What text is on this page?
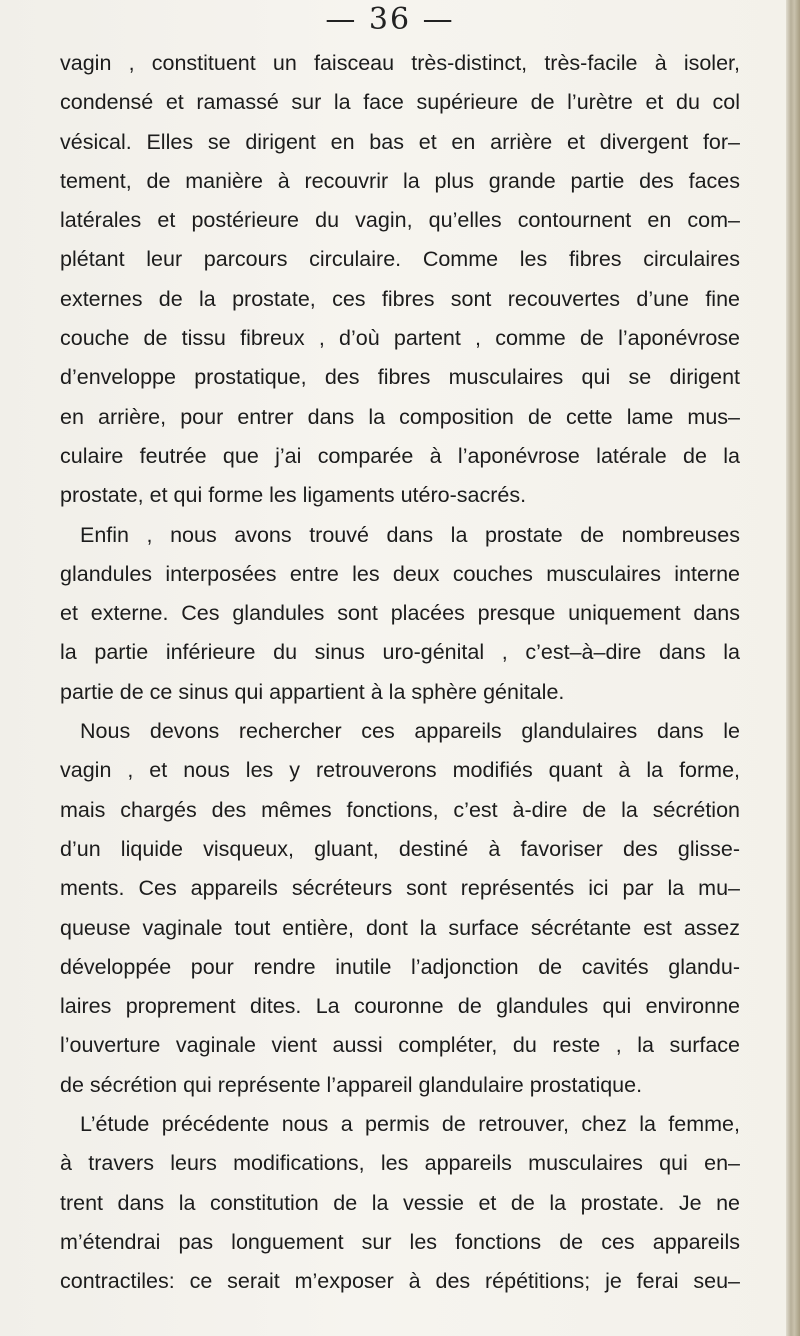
— 36 —
vagin , constituent un faisceau très-distinct, très-facile à isoler,
condensé et ramassé sur la face supérieure de l’urètre et du col
vésical. Elles se dirigent en bas et en arrière et divergent for–
tement, de manière à recouvrir la plus grande partie des faces
latérales et postérieure du vagin, qu’elles contournent en com–
plétant leur parcours circulaire. Comme les fibres circulaires
externes de la prostate, ces fibres sont recouvertes d’une fine
couche de tissu fibreux , d’où partent , comme de l’aponévrose
d’enveloppe prostatique, des fibres musculaires qui se dirigent
en arrière, pour entrer dans la composition de cette lame mus–
culaire feutrée que j’ai comparée à l’aponévrose latérale de la
prostate, et qui forme les ligaments utéro-sacrés.
Enfin , nous avons trouvé dans la prostate de nombreuses
glandules interposées entre les deux couches musculaires interne
et externe. Ces glandules sont placées presque uniquement dans
la partie inférieure du sinus uro-génital , c’est–à–dire dans la
partie de ce sinus qui appartient à la sphère génitale.
Nous devons rechercher ces appareils glandulaires dans le
vagin , et nous les y retrouverons modifiés quant à la forme,
mais chargés des mêmes fonctions, c’est à-dire de la sécrétion
d’un liquide visqueux, gluant, destiné à favoriser des glisse-
ments. Ces appareils sécréteurs sont représentés ici par la mu–
queuse vaginale tout entière, dont la surface sécrétante est assez
développée pour rendre inutile l’adjonction de cavités glandu-
laires proprement dites. La couronne de glandules qui environne
l’ouverture vaginale vient aussi compléter, du reste , la surface
de sécrétion qui représente l’appareil glandulaire prostatique.
L’étude précédente nous a permis de retrouver, chez la femme,
à travers leurs modifications, les appareils musculaires qui en–
trent dans la constitution de la vessie et de la prostate. Je ne
m’étendrai pas longuement sur les fonctions de ces appareils
contractiles: ce serait m’exposer à des répétitions; je ferai seu–
